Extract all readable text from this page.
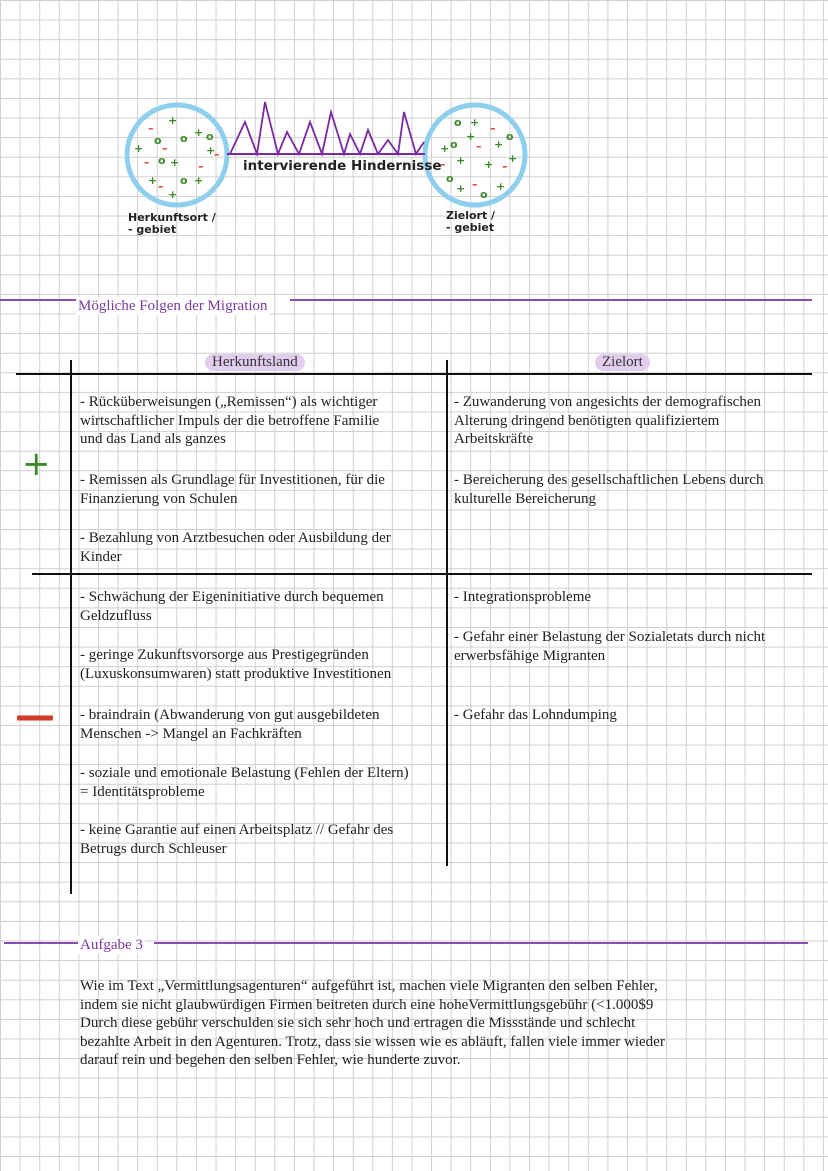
+
–
o o o
+
+ –	+
–
– o + –
+ o +
–
+
o + –
+ o
+
– +
o
– + + –
+
o
+ –
o
+
intervierende Hindernisse
Herkunftsort /
- gebiet
Zielort /
- gebiet
Mögliche Folgen der Migration
Herkunftsland	Zielort
+
—
- Rücküberweisungen („Remissen“) als wichtiger
wirtschaftlicher Impuls der die betroffene Familie
und das Land als ganzes
- Remissen als Grundlage für Investitionen, für die
Finanzierung von Schulen
- Bezahlung von Arztbesuchen oder Ausbildung der
Kinder
- Zuwanderung von angesichts der demografischen
Alterung dringend benötigten qualifiziertem
Arbeitskräfte
- Bereicherung des gesellschaftlichen Lebens durch
kulturelle Bereicherung
- Schwächung der Eigeninitiative durch bequemen
Geldzufluss
- geringe Zukunftsvorsorge aus Prestigegründen
(Luxuskonsumwaren) statt produktive Investitionen
- braindrain (Abwanderung von gut ausgebildeten
Menschen -> Mangel an Fachkräften
- soziale und emotionale Belastung (Fehlen der Eltern)
= Identitätsprobleme
- keine Garantie auf einen Arbeitsplatz // Gefahr des
Betrugs durch Schleuser
- Integrationsprobleme
- Gefahr einer Belastung der Sozialetats durch nicht
erwerbsfähige Migranten
- Gefahr das Lohndumping
Aufgabe 3
Wie im Text „Vermittlungsagenturen“ aufgeführt ist, machen viele Migranten den selben Fehler,
indem sie nicht glaubwürdigen Firmen beitreten durch eine hoheVermittlungsgebühr (<1.000$9
Durch diese gebühr verschulden sie sich sehr hoch und ertragen die Missstände und schlecht
bezahlte Arbeit in den Agenturen. Trotz, dass sie wissen wie es abläuft, fallen viele immer wieder
darauf rein und begehen den selben Fehler, wie hunderte zuvor.
